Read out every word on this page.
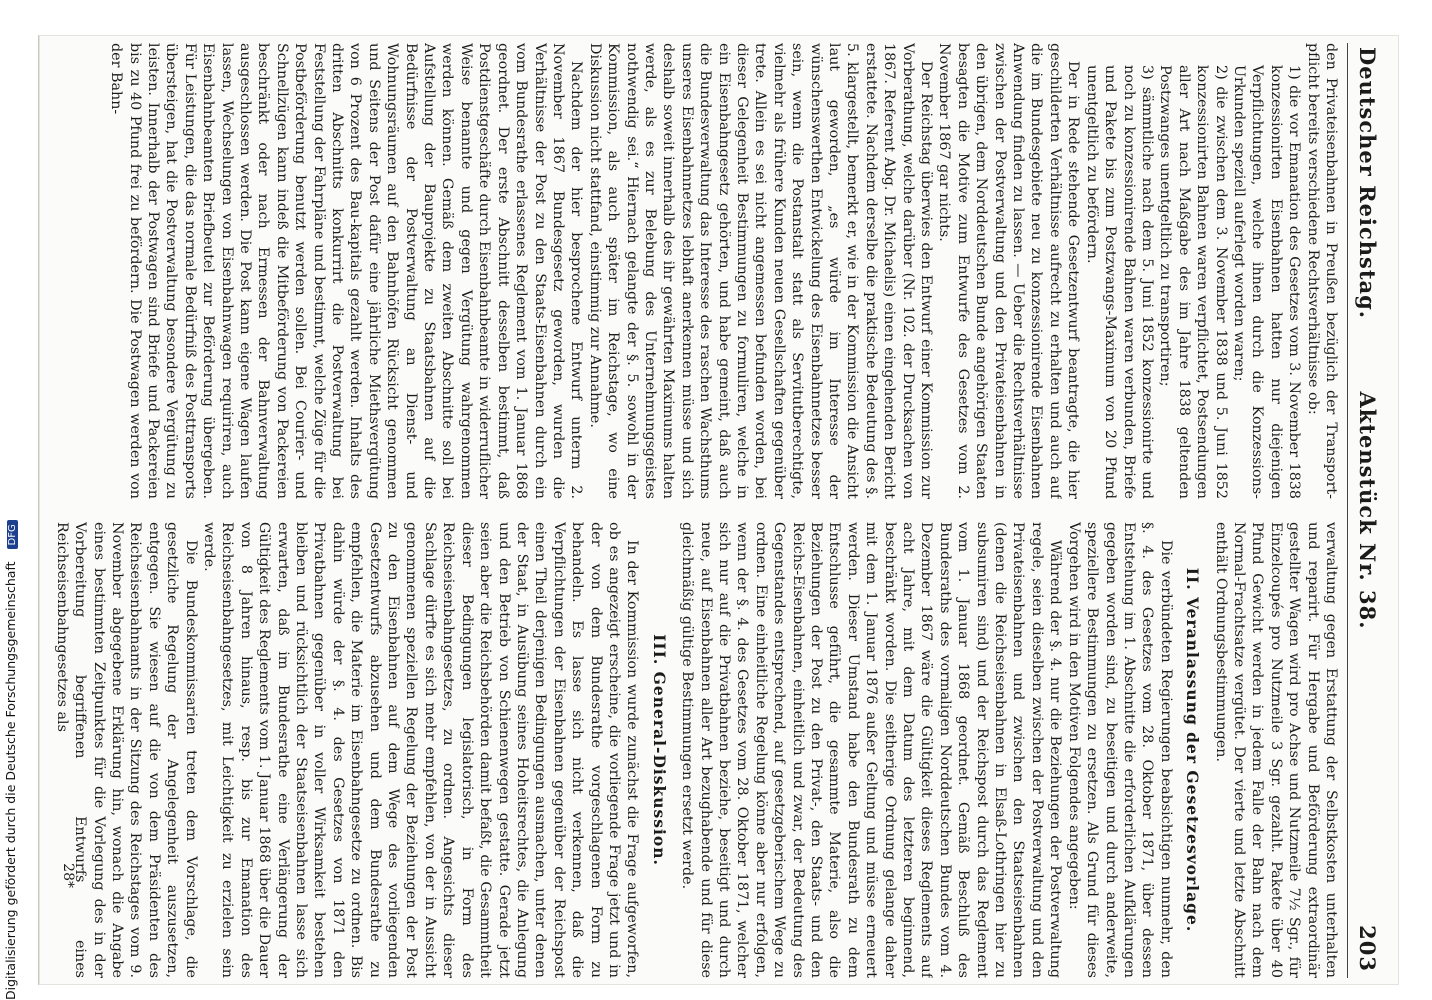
Digitalisierung gefördert durch die Deutsche Forschungsgemeinschaft DFG
Deutscher Reichstag.
Aktenstück Nr. 38.
203

den Privateisenbahnen in Preußen bezüglich der Transport-pflicht bereits verschiedene Rechtsverhältnisse ob:

1) die vor Emanation des Gesetzes vom 3. November 1838 konzessionirten Eisenbahnen hatten nur diejenigen Verpflichtungen, welche ihnen durch die Konzessions-Urkunden speziell auferlegt worden waren;

2) die zwischen dem 3. November 1838 und 5. Juni 1852 konzessionirten Bahnen waren verpflichtet, Postsendungen aller Art nach Maßgabe des im Jahre 1838 geltenden Postzwanges unentgeltlich zu transportiren;

3) sämmtliche nach dem 5. Juni 1852 konzessionirte und noch zu konzessionirende Bahnen waren verbunden, Briefe und Pakete bis zum Postzwangs-Maximum von 20 Pfund unentgeltlich zu befördern.

Der in Rede stehende Gesetzentwurf beantragte, die hier geschilderten Verhältnisse aufrecht zu erhalten und auch auf die im Bundesgebiete neu zu konzessionirende Eisenbahnen Anwendung finden zu lassen. — Ueber die Rechtsverhältnisse zwischen der Postverwaltung und den Privateisenbahnen in den übrigen, dem Norddeutschen Bunde angehörigen Staaten besagten die Motive zum Entwurfe des Gesetzes vom 2. November 1867 gar nichts.

Der Reichstag überwies den Entwurf einer Kommission zur Vorberathung, welche darüber (Nr. 102. der Drucksachen von 1867. Referent Abg. Dr. Michaelis) einen eingehenden Bericht erstattete. Nachdem derselbe die praktische Bedeutung des §. 5. klargestellt, bemerkt er, wie in der Kommission die Ansicht laut geworden, „es würde im Interesse der wünschenswerthen Entwickelung des Eisenbahnnetzes besser sein, wenn die Postanstalt statt als Servitutberechtigte, vielmehr als frühere Kunden neuen Gesellschaften gegenüber trete. Allein es sei nicht angemessen befunden worden, bei dieser Gelegenheit Bestimmungen zu formuliren, welche in ein Eisenbahngesetz gehörten, und habe gemeint, daß auch die Bundesverwaltung das Interesse des raschen Wachsthums unseres Eisenbahnnetzes lebhaft anerkennen müsse und sich deshalb soweit innerhalb des ihr gewährten Maximums halten werde, als es zur Belebung des Unternehmungsgeistes nothwendig sei.“ Hiernach gelangte der §. 5. sowohl in der Kommission, als auch später im Reichstage, wo eine Diskussion nicht stattfand, einstimmig zur Annahme.

Nachdem der hier besprochene Entwurf unterm 2. November 1867 Bundesgesetz geworden, wurden die Verhältnisse der Post zu den Staats-Eisenbahnen durch ein vom Bundesrathe erlassenes Reglement vom 1. Januar 1868 geordnet. Der erste Abschnitt desselben bestimmt, daß Postdienstgeschäfte durch Eisenbahnbeamte in widerruflicher Weise benannte und gegen Vergütung wahrgenommen werden können. Gemäß dem zweiten Abschnitte soll bei Aufstellung der Bauprojekte zu Staatsbahnen auf die Bedürfnisse der Postverwaltung an Dienst- und Wohnungsräumen auf den Bahnhöfen Rücksicht genommen und Seitens der Post dafür eine jährliche Miethsvergütung von 6 Prozent des Bau-kapitals gezahlt werden. Inhalts des dritten Abschnitts konkurrirt die Postverwaltung bei Feststellung der Fahrpläne und bestimmt, welche Züge für die Postbeförderung benutzt werden sollen. Bei Courier- und Schnellzügen kann indeß die Mitbeförderung von Packereien beschränkt oder nach Ermessen der Bahnverwaltung ausgeschlossen werden. Die Post kann eigene Wagen laufen lassen, Wechselungen von Eisenbahnwagen requiriren, auch Eisenbahnbeamten Briefbeutel zur Beförderung übergeben. Für Leistungen, die das normale Bedürfniß des Posttransports übersteigen, hat die Postverwaltung besondere Vergütung zu leisten. Innerhalb der Postwagen sind Briefe und Packereien bis zu 40 Pfund frei zu befördern. Die Postwagen werden von der Bahn-

verwaltung gegen Erstattung der Selbstkosten unterhalten und reparirt. Für Hergabe und Beförderung extraordinär gestellter Wagen wird pro Achse und Nutzmeile 7½ Sgr., für Einzelcoupés pro Nutzmeile 3 Sgr. gezahlt. Pakete über 40 Pfund Gewicht werden in jedem Falle der Bahn nach dem Normal-Frachtsatze vergütet. Der vierte und letzte Abschnitt enthält Ordnungsbestimmungen.

II. Veranlassung der Gesetzesvorlage.

Die verbündeten Regierungen beabsichtigen nunmehr, den §. 4. des Gesetzes vom 28. Oktober 1871, über dessen Entstehung im 1. Abschnitte die erforderlichen Aufklärungen gegeben worden sind, zu beseitigen und durch anderweite, speziellere Bestimmungen zu ersetzen. Als Grund für dieses Vorgehen wird in den Motiven Folgendes angegeben:

Während der §. 4. nur die Beziehungen der Postverwaltung regele, seien dieselben zwischen der Postverwaltung und den Privateisenbahnen und zwischen den Staatseisenbahnen (denen die Reichseisenbahnen in Elsaß-Lothringen hier zu subsumiren sind) und der Reichspost durch das Reglement vom 1. Januar 1868 geordnet. Gemäß Beschluß des Bundesraths des vormaligen Norddeutschen Bundes vom 4. Dezember 1867 wäre die Gültigkeit dieses Reglements auf acht Jahre, mit dem Datum des letzteren beginnend, beschränkt worden. Die seitherige Ordnung gelange daher mit dem 1. Januar 1876 außer Geltung und müsse erneuert werden. Dieser Umstand habe den Bundesrath zu dem Entschlusse geführt, die gesammte Materie, also die Beziehungen der Post zu den Privat-, den Staats- und den Reichs-Eisenbahnen, einheitlich und zwar, der Bedeutung des Gegenstandes entsprechend, auf gesetzgeberischem Wege zu ordnen. Eine einheitliche Regelung könne aber nur erfolgen, wenn der §. 4. des Gesetzes vom 28. Oktober 1871, welcher sich nur auf die Privatbahnen beziehe, beseitigt und durch neue, auf Eisenbahnen aller Art bezughabende und für diese gleichmäßig gültige Bestimmungen ersetzt werde.

III. General-Diskussion.

In der Kommission wurde zunächst die Frage aufgeworfen, ob es angezeigt erscheine, die vorliegende Frage jetzt und in der von dem Bundesrathe vorgeschlagenen Form zu behandeln. Es lasse sich nicht verkennen, daß die Verpflichtungen der Eisenbahnen gegenüber der Reichspost einen Theil derjenigen Bedingungen ausmachen, unter denen der Staat, in Ausübung seines Hoheitsrechtes, die Anlegung und den Betrieb von Schienenwegen gestatte. Gerade jetzt seien aber die Reichsbehörden damit befaßt, die Gesammtheit dieser Bedingungen legislatorisch, in Form des Reichseisenbahngesetzes, zu ordnen. Angesichts dieser Sachlage dürfte es sich mehr empfehlen, von der in Aussicht genommenen speziellen Regelung der Beziehungen der Post zu den Eisenbahnen auf dem Wege des vorliegenden Gesetzentwurfs abzusehen und dem Bundesrathe zu empfehlen, die Materie im Eisenbahngesetze zu ordnen. Bis dahin würde der §. 4. des Gesetzes von 1871 den Privatbahnen gegenüber in voller Wirksamkeit bestehen bleiben und rücksichtlich der Staatseisenbahnen lasse sich erwarten, daß im Bundesrathe eine Verlängerung der Gültigkeit des Reglements vom 1. Januar 1868 über die Dauer von 8 Jahren hinaus, resp. bis zur Emanation des Reichseisenbahngesetzes, mit Leichtigkeit zu erzielen sein werde.

Die Bundeskommissarien treten dem Vorschlage, die gesetzliche Regelung der Angelegenheit auszusetzen, entgegen. Sie wiesen auf die von dem Präsidenten des Reichseisenbahnamts in der Sitzung des Reichstages vom 9. November abgegebene Erklärung hin, wonach die Angabe eines bestimmten Zeitpunktes für die Vorlegung des in der Vorbereitung begriffenen Entwurfs eines Reichseisenbahngesetzes als

28*
